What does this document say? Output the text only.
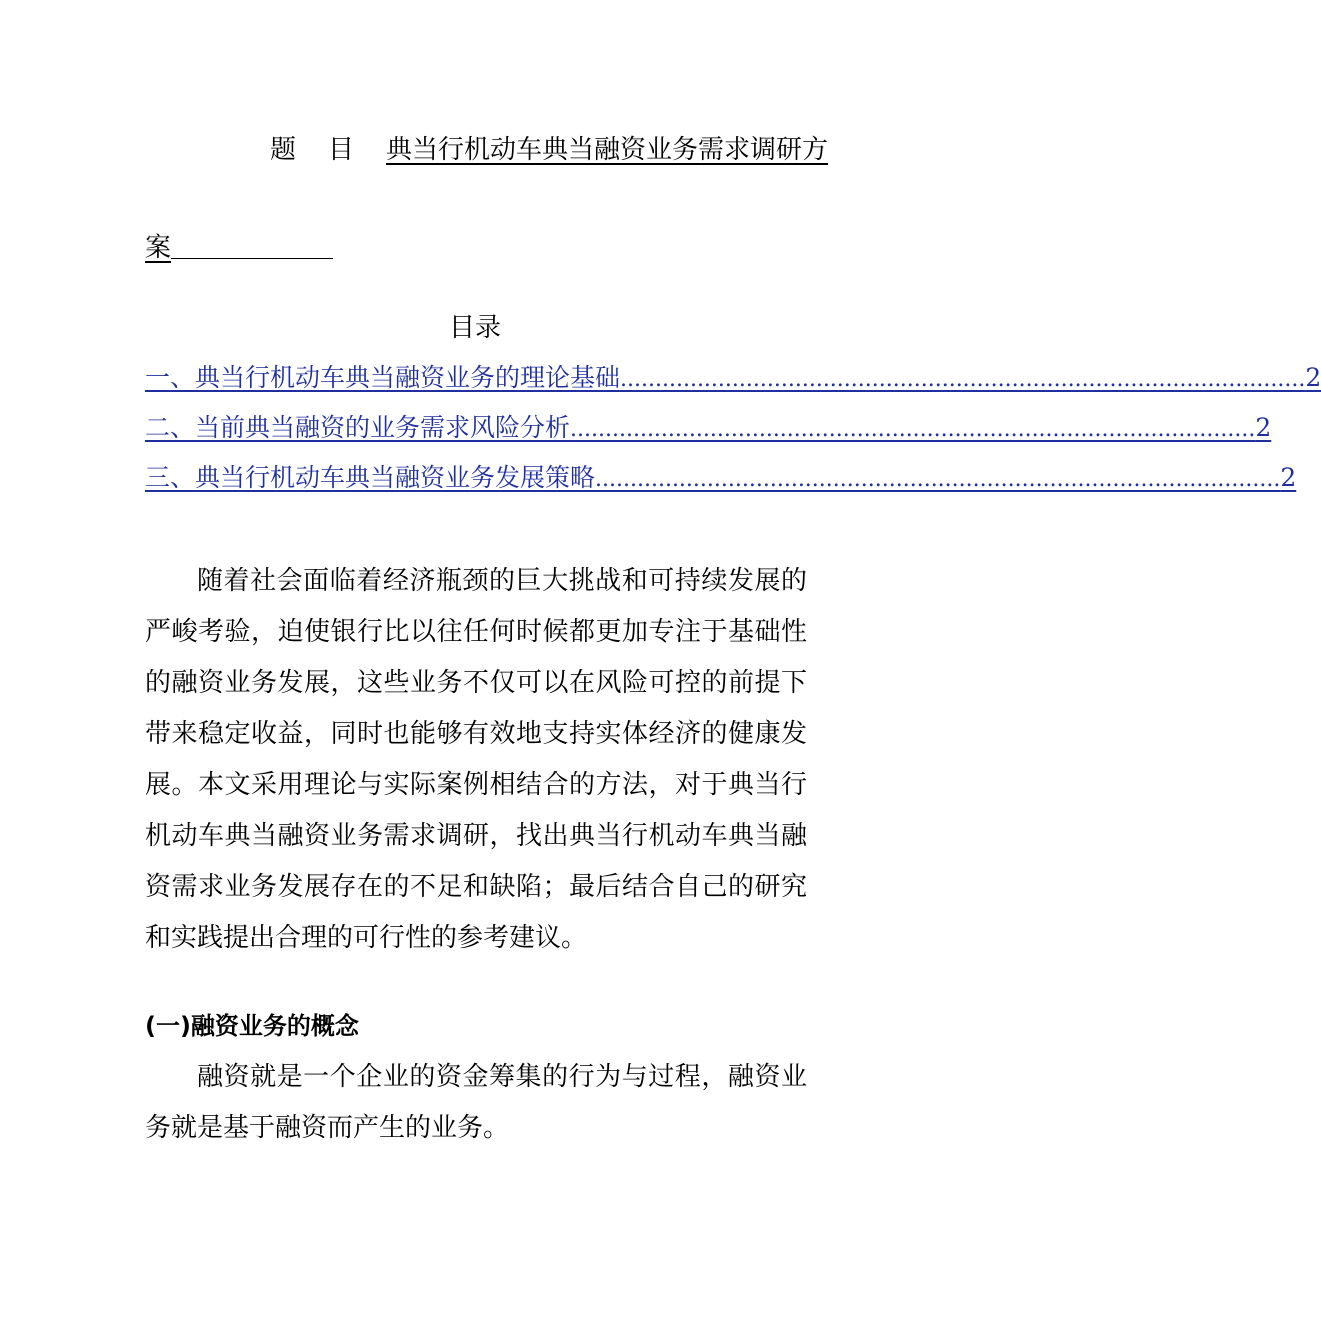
题目典当行机动车典当融资业务需求调研方
案
目录
一、典当行机动车典当融资业务的理论基础 .................................................................................................. 2
二、当前典当融资的业务需求风险分析 .................................................................................................. 2
三、典当行机动车典当融资业务发展策略 .................................................................................................. 2

随着社会面临着经济瓶颈的巨大挑战和可持续发展的严峻考验，迫使银行比以往任何时候都更加专注于基础性的融资业务发展，这些业务不仅可以在风险可控的前提下带来稳定收益，同时也能够有效地支持实体经济的健康发展。本文采用理论与实际案例相结合的方法，对于典当行机动车典当融资业务需求调研，找出典当行机动车典当融资需求业务发展存在的不足和缺陷；最后结合自己的研究和实践提出合理的可行性的参考建议。

(一)融资业务的概念

融资就是一个企业的资金筹集的行为与过程，融资业务就是基于融资而产生的业务。
